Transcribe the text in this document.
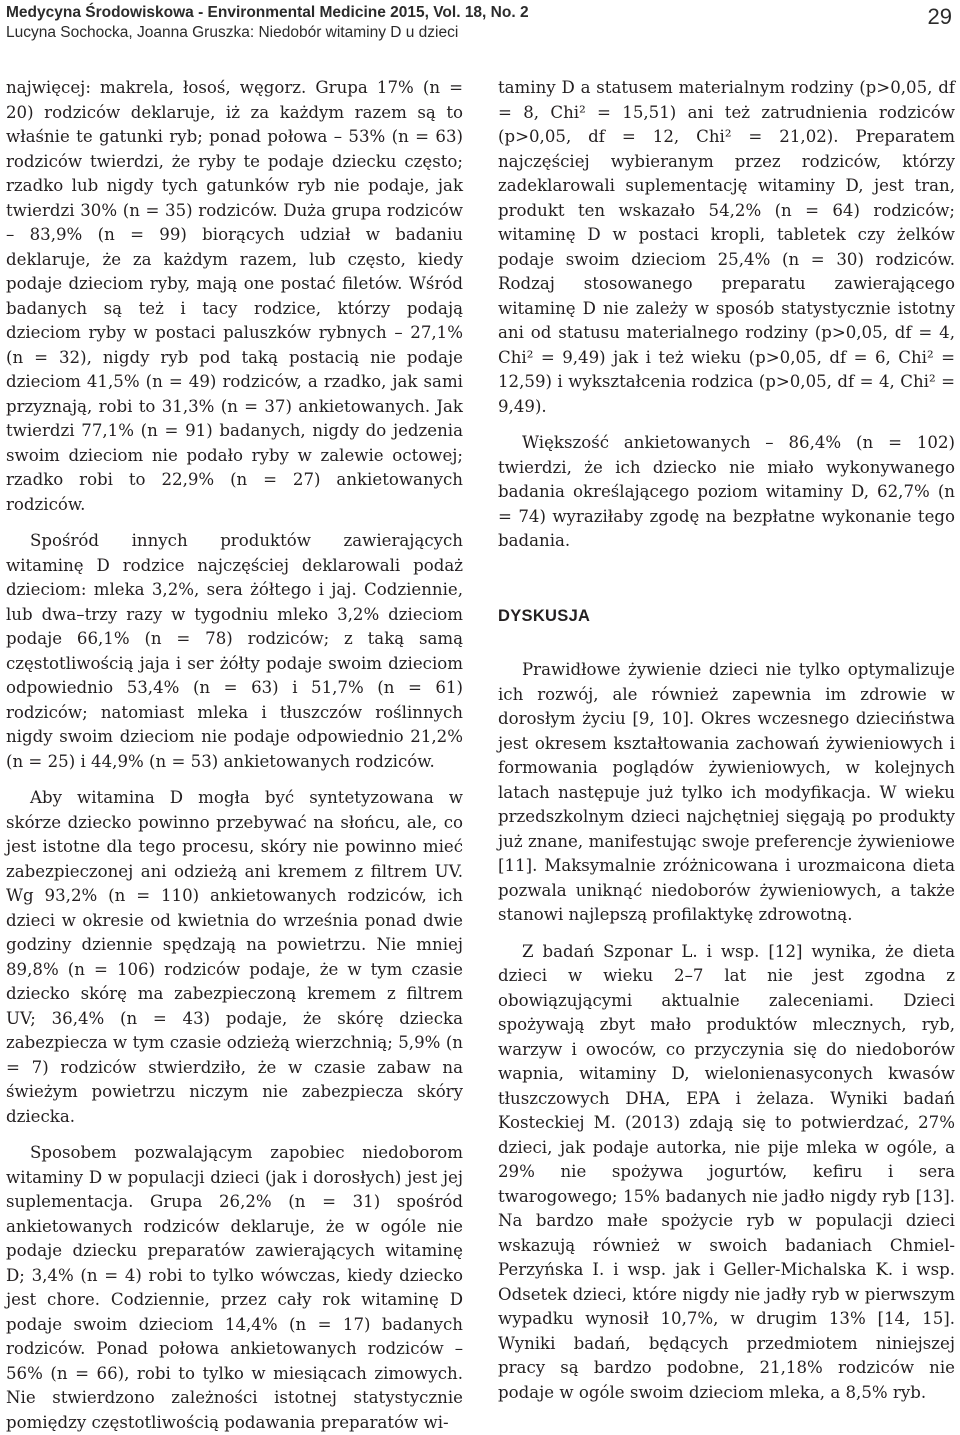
Medycyna Środowiskowa - Environmental Medicine 2015, Vol. 18, No. 2
Lucyna Sochocka, Joanna Gruszka: Niedobór witaminy D u dzieci
29

najwięcej: makrela, łosoś, węgorz. Grupa 17% (n = 20) rodziców deklaruje, iż za każdym razem są to właśnie te gatunki ryb; ponad połowa – 53% (n = 63) rodziców twierdzi, że ryby te podaje dziecku często; rzadko lub nigdy tych gatunków ryb nie podaje, jak twierdzi 30% (n = 35) rodziców. Duża grupa rodziców – 83,9% (n = 99) biorących udział w badaniu deklaruje, że za każdym razem, lub często, kiedy podaje dzieciom ryby, mają one postać filetów. Wśród badanych są też i tacy rodzice, którzy podają dzieciom ryby w postaci paluszków rybnych – 27,1% (n = 32), nigdy ryb pod taką postacią nie podaje dzieciom 41,5% (n = 49) rodziców, a rzadko, jak sami przyznają, robi to 31,3% (n = 37) ankietowanych. Jak twierdzi 77,1% (n = 91) badanych, nigdy do jedzenia swoim dzieciom nie podało ryby w zalewie octowej; rzadko robi to 22,9% (n = 27) ankietowanych rodziców.

Spośród innych produktów zawierających witaminę D rodzice najczęściej deklarowali podaż dzieciom: mleka 3,2%, sera żółtego i jaj. Codziennie, lub dwa–trzy razy w tygodniu mleko 3,2% dzieciom podaje 66,1% (n = 78) rodziców; z taką samą częstotliwością jaja i ser żółty podaje swoim dzieciom odpowiednio 53,4% (n = 63) i 51,7% (n = 61) rodziców; natomiast mleka i tłuszczów roślinnych nigdy swoim dzieciom nie podaje odpowiednio 21,2% (n = 25) i 44,9% (n = 53) ankietowanych rodziców.

Aby witamina D mogła być syntetyzowana w skórze dziecko powinno przebywać na słońcu, ale, co jest istotne dla tego procesu, skóry nie powinno mieć zabezpieczonej ani odzieżą ani kremem z filtrem UV. Wg 93,2% (n = 110) ankietowanych rodziców, ich dzieci w okresie od kwietnia do września ponad dwie godziny dziennie spędzają na powietrzu. Nie mniej 89,8% (n = 106) rodziców podaje, że w tym czasie dziecko skórę ma zabezpieczoną kremem z filtrem UV; 36,4% (n = 43) podaje, że skórę dziecka zabezpiecza w tym czasie odzieżą wierzchnią; 5,9% (n = 7) rodziców stwierdziło, że w czasie zabaw na świeżym powietrzu niczym nie zabezpiecza skóry dziecka.

Sposobem pozwalającym zapobiec niedoborom witaminy D w populacji dzieci (jak i dorosłych) jest jej suplementacja. Grupa 26,2% (n = 31) spośród ankietowanych rodziców deklaruje, że w ogóle nie podaje dziecku preparatów zawierających witaminę D; 3,4% (n = 4) robi to tylko wówczas, kiedy dziecko jest chore. Codziennie, przez cały rok witaminę D podaje swoim dzieciom 14,4% (n = 17) badanych rodziców. Ponad połowa ankietowanych rodziców – 56% (n = 66), robi to tylko w miesiącach zimowych. Nie stwierdzono zależności istotnej statystycznie pomiędzy częstotliwością podawania preparatów wi-

taminy D a statusem materialnym rodziny (p>0,05, df = 8, Chi² = 15,51) ani też zatrudnienia rodziców (p>0,05, df = 12, Chi² = 21,02). Preparatem najczęściej wybieranym przez rodziców, którzy zadeklarowali suplementację witaminy D, jest tran, produkt ten wskazało 54,2% (n = 64) rodziców; witaminę D w postaci kropli, tabletek czy żelków podaje swoim dzieciom 25,4% (n = 30) rodziców. Rodzaj stosowanego preparatu zawierającego witaminę D nie zależy w sposób statystycznie istotny ani od statusu materialnego rodziny (p>0,05, df = 4, Chi² = 9,49) jak i też wieku (p>0,05, df = 6, Chi² = 12,59) i wykształcenia rodzica (p>0,05, df = 4, Chi² = 9,49).

Większość ankietowanych – 86,4% (n = 102) twierdzi, że ich dziecko nie miało wykonywanego badania określającego poziom witaminy D, 62,7% (n = 74) wyraziłaby zgodę na bezpłatne wykonanie tego badania.

DYSKUSJA

Prawidłowe żywienie dzieci nie tylko optymalizuje ich rozwój, ale również zapewnia im zdrowie w dorosłym życiu [9, 10]. Okres wczesnego dzieciństwa jest okresem kształtowania zachowań żywieniowych i formowania poglądów żywieniowych, w kolejnych latach następuje już tylko ich modyfikacja. W wieku przedszkolnym dzieci najchętniej sięgają po produkty już znane, manifestując swoje preferencje żywieniowe [11]. Maksymalnie zróżnicowana i urozmaicona dieta pozwala uniknąć niedoborów żywieniowych, a także stanowi najlepszą profilaktykę zdrowotną.

Z badań Szponar L. i wsp. [12] wynika, że dieta dzieci w wieku 2–7 lat nie jest zgodna z obowiązującymi aktualnie zaleceniami. Dzieci spożywają zbyt mało produktów mlecznych, ryb, warzyw i owoców, co przyczynia się do niedoborów wapnia, witaminy D, wielonienasyconych kwasów tłuszczowych DHA, EPA i żelaza. Wyniki badań Kosteckiej M. (2013) zdają się to potwierdzać, 27% dzieci, jak podaje autorka, nie pije mleka w ogóle, a 29% nie spożywa jogurtów, kefiru i sera twarogowego; 15% badanych nie jadło nigdy ryb [13]. Na bardzo małe spożycie ryb w populacji dzieci wskazują również w swoich badaniach Chmiel-Perzyńska I. i wsp. jak i Geller-Michalska K. i wsp. Odsetek dzieci, które nigdy nie jadły ryb w pierwszym wypadku wynosił 10,7%, w drugim 13% [14, 15]. Wyniki badań, będących przedmiotem niniejszej pracy są bardzo podobne, 21,18% rodziców nie podaje w ogóle swoim dzieciom mleka, a 8,5% ryb.
